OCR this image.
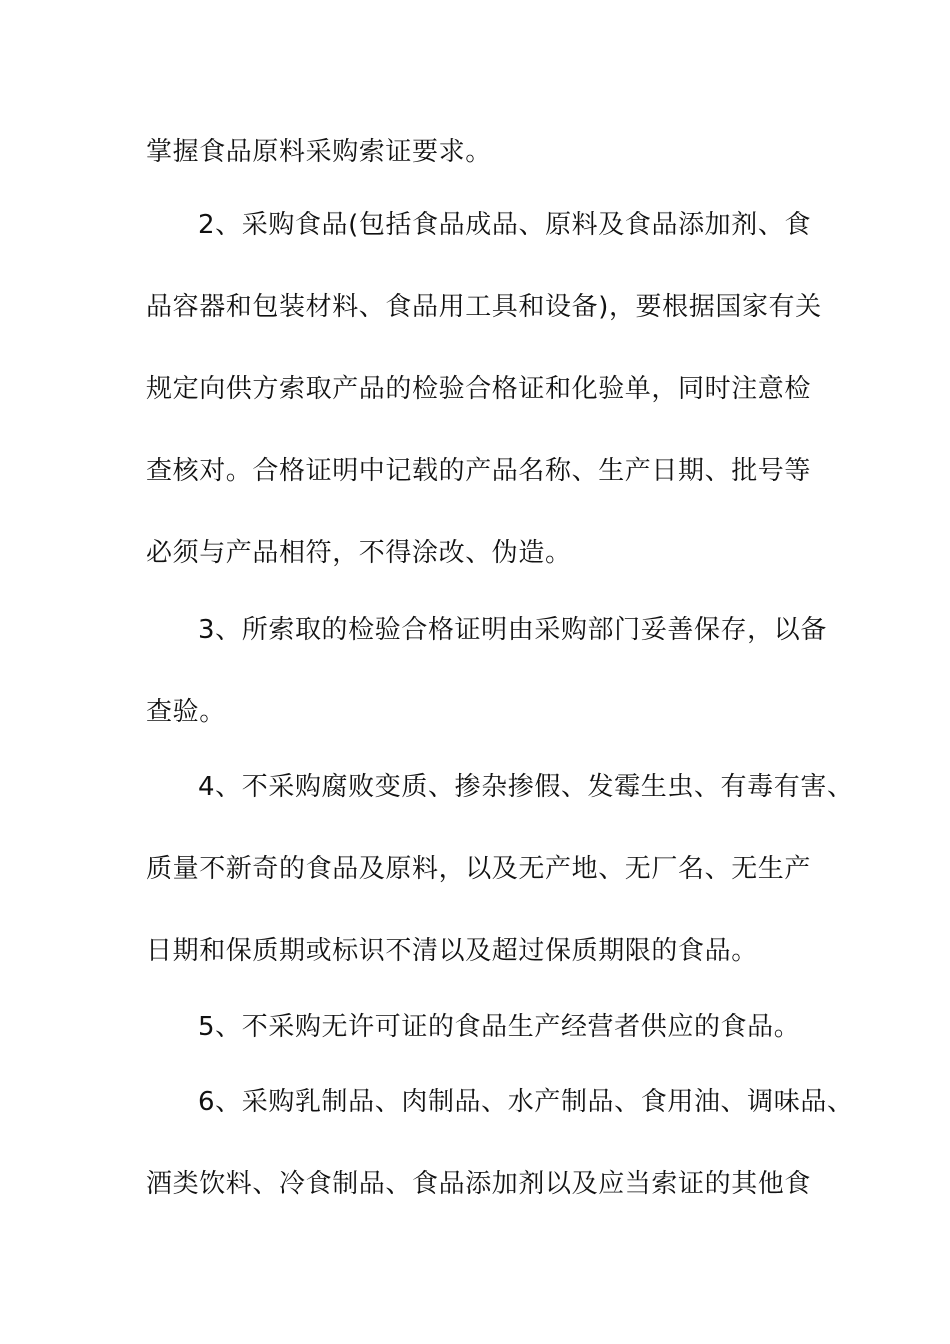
掌握食品原料采购索证要求。
2、采购食品(包括食品成品、原料及食品添加剂、食
品容器和包装材料、食品用工具和设备)，要根据国家有关
规定向供方索取产品的检验合格证和化验单，同时注意检
查核对。合格证明中记载的产品名称、生产日期、批号等
必须与产品相符，不得涂改、伪造。
3、所索取的检验合格证明由采购部门妥善保存，以备
查验。
4、不采购腐败变质、掺杂掺假、发霉生虫、有毒有害、
质量不新奇的食品及原料，以及无产地、无厂名、无生产
日期和保质期或标识不清以及超过保质期限的食品。
5、不采购无许可证的食品生产经营者供应的食品。
6、采购乳制品、肉制品、水产制品、食用油、调味品、
酒类饮料、冷食制品、食品添加剂以及应当索证的其他食
